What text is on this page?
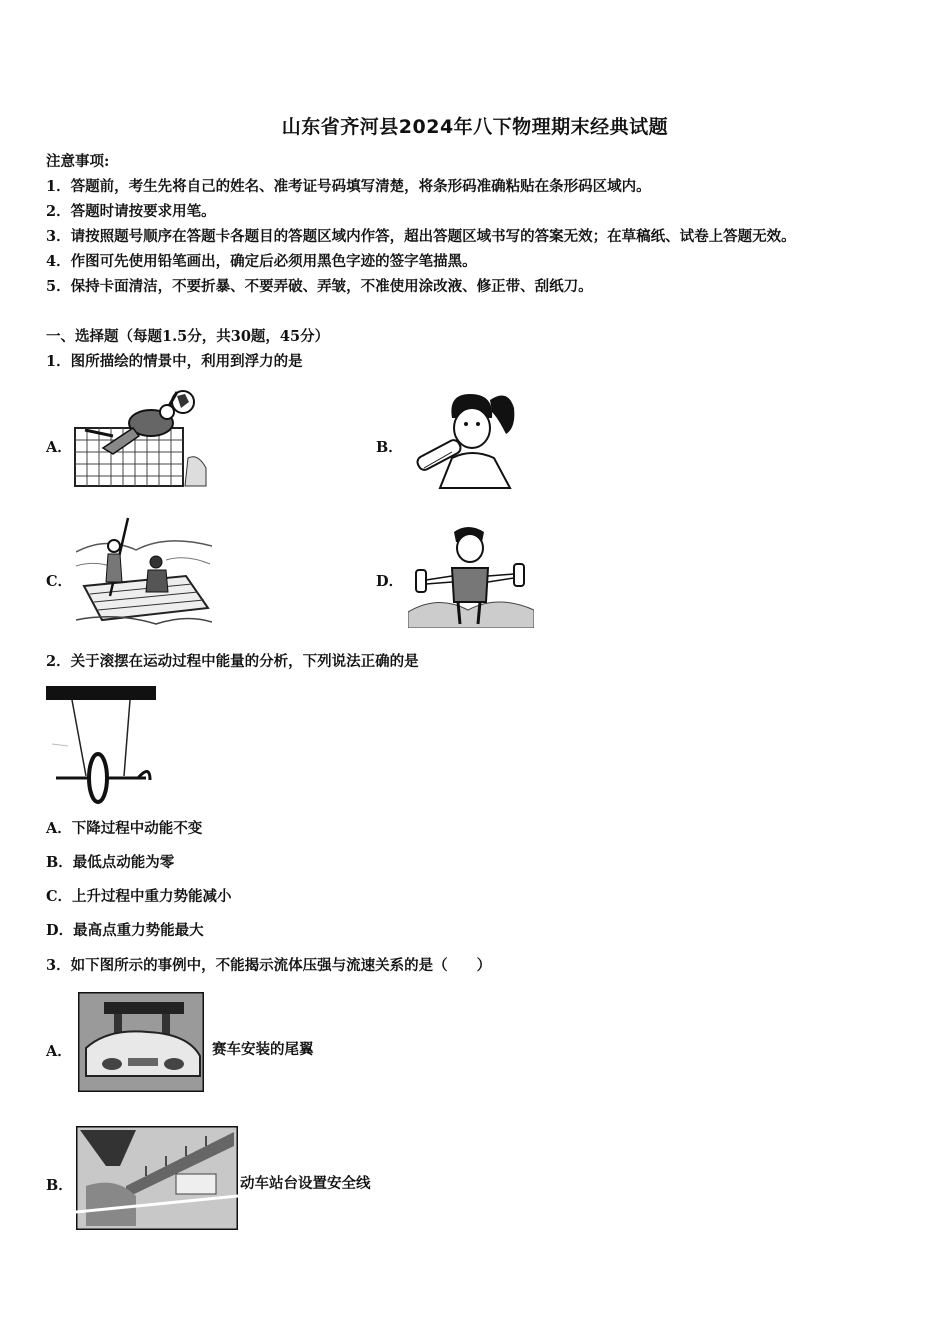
山东省齐河县2024年八下物理期末经典试题
注意事项:
1．答题前，考生先将自己的姓名、准考证号码填写清楚，将条形码准确粘贴在条形码区域内。
2．答题时请按要求用笔。
3．请按照题号顺序在答题卡各题目的答题区域内作答，超出答题区域书写的答案无效；在草稿纸、试卷上答题无效。
4．作图可先使用铅笔画出，确定后必须用黑色字迹的签字笔描黑。
5．保持卡面清洁，不要折暴、不要弄破、弄皱，不准使用涂改液、修正带、刮纸刀。
一、选择题（每题1.5分，共30题，45分）
1．图所描绘的情景中，利用到浮力的是
A．	B．
C．	D．
2．关于滚摆在运动过程中能量的分析，下列说法正确的是
A．下降过程中动能不变
B．最低点动能为零
C．上升过程中重力势能减小
D．最高点重力势能最大
3．如下图所示的事例中，不能揭示流体压强与流速关系的是（　　）
A．	赛车安装的尾翼
B．	动车站台设置安全线
